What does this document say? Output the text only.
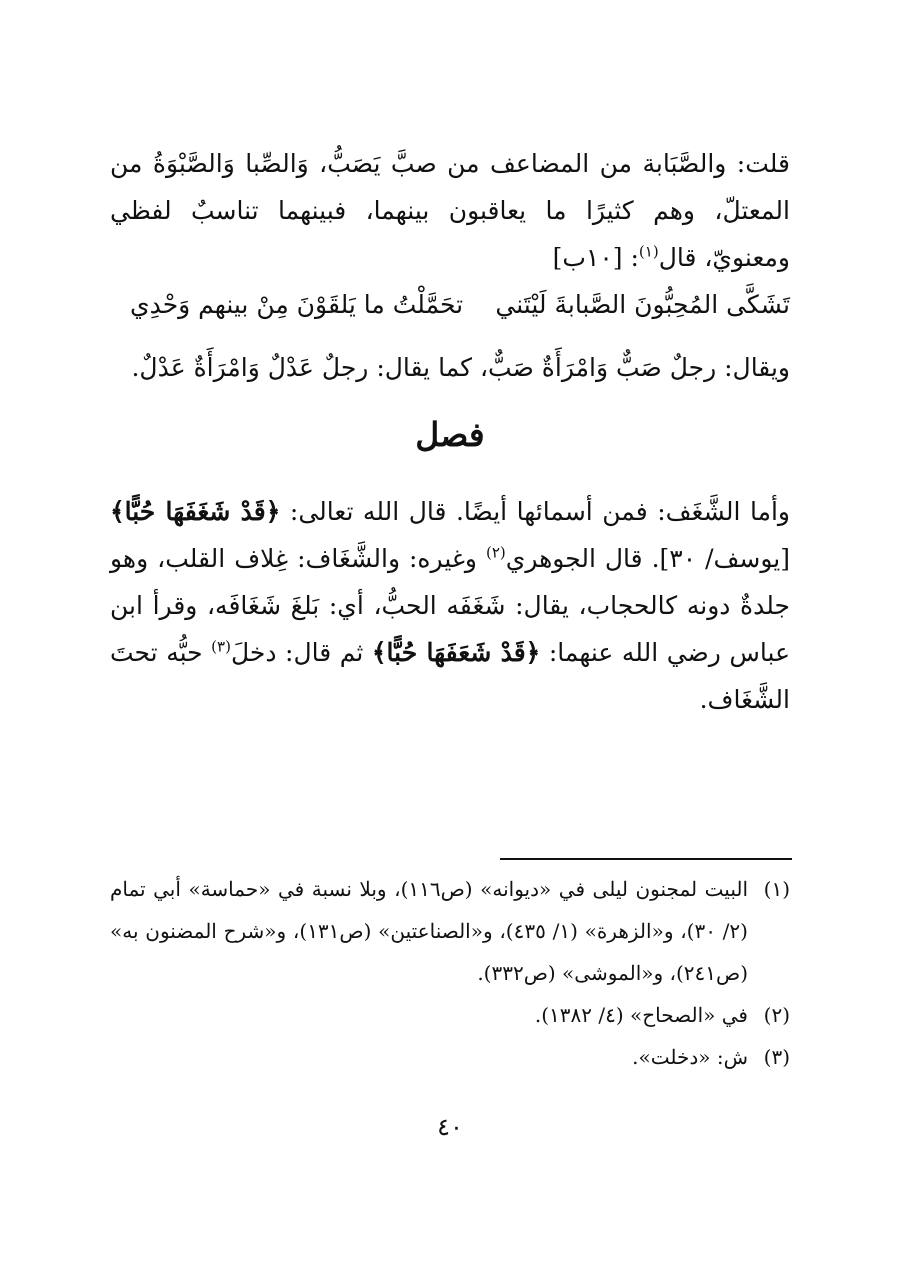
قلت: والصَّبَابة من المضاعف من صبَّ يَصَبُّ، وَالصِّبا وَالصَّبْوَةُ من المعتلّ، وهم كثيرًا ما يعاقبون بينهما، فبينهما تناسبٌ لفظي ومعنويّ، قال$^{(١)}$: [١٠ب]
تَشَكَّى المُحِبُّونَ الصَّبابةَ لَيْتَني
تحَمَّلْتُ ما يَلقَوْنَ مِنْ بينهم وَحْدِي
ويقال: رجلٌ صَبٌّ وَامْرَأَةٌ صَبٌّ، كما يقال: رجلٌ عَدْلٌ وَامْرَأَةٌ عَدْلٌ.
فصل
وأما الشَّغَف: فمن أسمائها أيضًا. قال الله تعالى: ﴿قَدْ شَغَفَهَا حُبًّا﴾ [يوسف/ ٣٠]. قال الجوهري$^{(٢)}$ وغيره: والشَّغَاف: غِلاف القلب، وهو جلدةٌ دونه كالحجاب، يقال: شَغَفَه الحبُّ، أي: بَلغَ شَغَافَه، وقرأ ابن عباس رضي الله عنهما: ﴿قَدْ شَعَفَهَا حُبًّا﴾ ثم قال: دخلَ$^{(٣)}$ حبُّه تحتَ الشَّغَاف.
(١)
البيت لمجنون ليلى في «ديوانه» (ص١١٦)، وبلا نسبة في «حماسة» أبي تمام (٢/ ٣٠)، و«الزهرة» (١/ ٤٣٥)، و«الصناعتين» (ص١٣١)، و«شرح المضنون به» (ص٢٤١)، و«الموشى» (ص٣٣٢).
(٢)
في «الصحاح» (٤/ ١٣٨٢).
(٣)
ش: «دخلت».
٤٠
